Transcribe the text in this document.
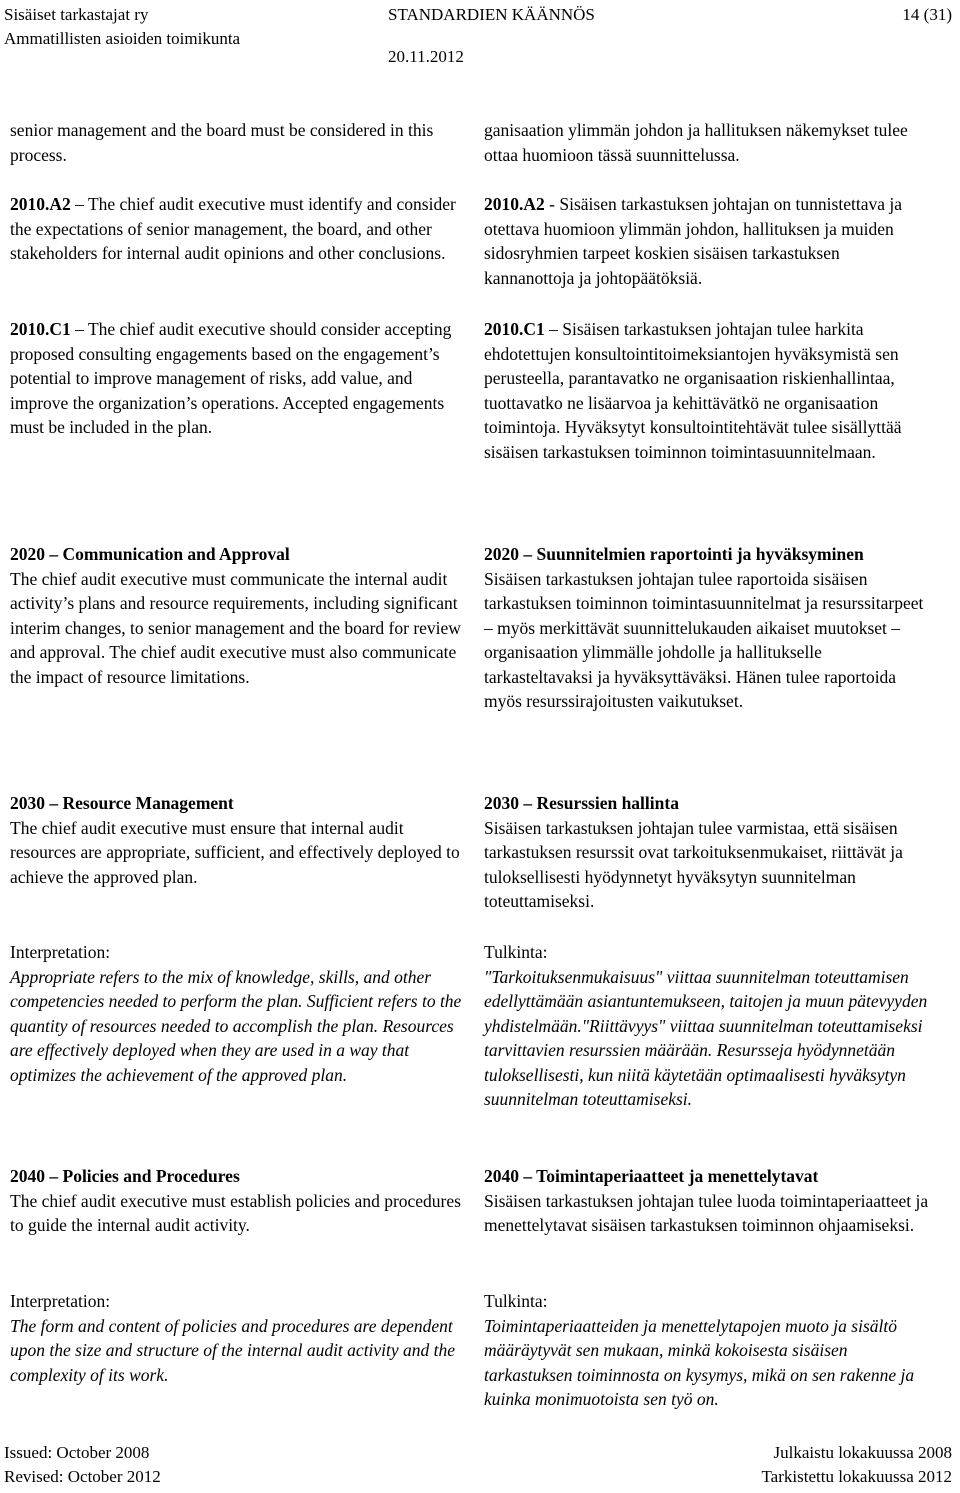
Sisäiset tarkastajat ry
Ammatillisten asioiden toimikunta
STANDARDIEN KÄÄNNÖS
20.11.2012
14 (31)

senior management and the board must be considered in this process.

2010.A2 – The chief audit executive must identify and consider the expectations of senior management, the board, and other stakeholders for internal audit opinions and other conclusions.

2010.C1 – The chief audit executive should consider accepting proposed consulting engagements based on the engagement’s potential to improve management of risks, add value, and improve the organization’s operations. Accepted engagements must be included in the plan.

2020 – Communication and Approval
The chief audit executive must communicate the internal audit activity’s plans and resource requirements, including significant interim changes, to senior management and the board for review and approval. The chief audit executive must also communicate the impact of resource limitations.
2030 – Resource Management
The chief audit executive must ensure that internal audit resources are appropriate, sufficient, and effectively deployed to achieve the approved plan.
Interpretation:
Appropriate refers to the mix of knowledge, skills, and other competencies needed to perform the plan. Sufficient refers to the quantity of resources needed to accomplish the plan. Resources are effectively deployed when they are used in a way that optimizes the achievement of the approved plan.
2040 – Policies and Procedures
The chief audit executive must establish policies and procedures to guide the internal audit activity.
Interpretation:
The form and content of policies and procedures are dependent upon the size and structure of the internal audit activity and the complexity of its work.

ganisaation ylimmän johdon ja hallituksen näkemykset tulee ottaa huomioon tässä suunnittelussa.

2010.A2 - Sisäisen tarkastuksen johtajan on tunnistettava ja otettava huomioon ylimmän johdon, hallituksen ja muiden sidosryhmien tarpeet koskien sisäisen tarkastuksen kannanottoja ja johtopäätöksiä.

2010.C1 – Sisäisen tarkastuksen johtajan tulee harkita ehdotettujen konsultointitoimeksiantojen hyväksymistä sen perusteella, parantavatko ne organisaation riskienhallintaa, tuottavatko ne lisäarvoa ja kehittävätkö ne organisaation toimintoja. Hyväksytyt konsultointitehtävät tulee sisällyttää sisäisen tarkastuksen toiminnon toimintasuunnitelmaan.

2020 – Suunnitelmien raportointi ja hyväksyminen
Sisäisen tarkastuksen johtajan tulee raportoida sisäisen tarkastuksen toiminnon toimintasuunnitelmat ja resurssitarpeet – myös merkittävät suunnittelukauden aikaiset muutokset – organisaation ylimmälle johdolle ja hallitukselle tarkasteltavaksi ja hyväksyttäväksi. Hänen tulee raportoida myös resurssirajoitusten vaikutukset.
2030 – Resurssien hallinta
Sisäisen tarkastuksen johtajan tulee varmistaa, että sisäisen tarkastuksen resurssit ovat tarkoituksenmukaiset, riittävät ja tuloksellisesti hyödynnetyt hyväksytyn suunnitelman toteuttamiseksi.
Tulkinta:
"Tarkoituksenmukaisuus" viittaa suunnitelman toteuttamisen edellyttämään asiantuntemukseen, taitojen ja muun pätevyyden yhdistelmään."Riittävyys" viittaa suunnitelman toteuttamiseksi tarvittavien resurssien määrään. Resursseja hyödynnetään tuloksellisesti, kun niitä käytetään optimaalisesti hyväksytyn suunnitelman toteuttamiseksi.
2040 – Toimintaperiaatteet ja menettelytavat
Sisäisen tarkastuksen johtajan tulee luoda toimintaperiaatteet ja menettelytavat sisäisen tarkastuksen toiminnon ohjaamiseksi.
Tulkinta:
Toimintaperiaatteiden ja menettelytapojen muoto ja sisältö määräytyvät sen mukaan, minkä kokoisesta sisäisen tarkastuksen toiminnosta on kysymys, mikä on sen rakenne ja kuinka monimuotoista sen työ on.
Issued: October 2008
Revised: October 2012
Julkaistu lokakuussa 2008
Tarkistettu lokakuussa 2012
